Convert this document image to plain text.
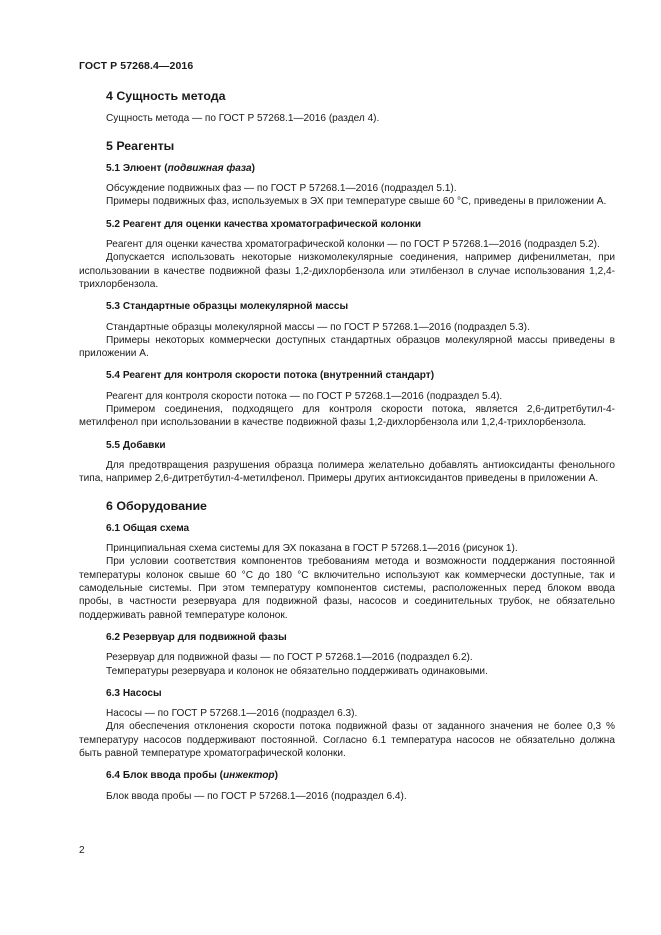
ГОСТ Р 57268.4—2016
4 Сущность метода

Сущность метода — по ГОСТ Р 57268.1—2016 (раздел 4).

5 Реагенты
5.1 Элюент (подвижная фаза)

Обсуждение подвижных фаз — по ГОСТ Р 57268.1—2016 (подраздел 5.1).

Примеры подвижных фаз, используемых в ЭХ при температуре свыше 60 °С, приведены в приложении А.

5.2 Реагент для оценки качества хроматографической колонки

Реагент для оценки качества хроматографической колонки — по ГОСТ Р 57268.1—2016 (подраздел 5.2).

Допускается использовать некоторые низкомолекулярные соединения, например дифенилметан, при использовании в качестве подвижной фазы 1,2-дихлорбензола или этилбензол в случае использования 1,2,4-трихлорбензола.

5.3 Стандартные образцы молекулярной массы

Стандартные образцы молекулярной массы — по ГОСТ Р 57268.1—2016 (подраздел 5.3).

Примеры некоторых коммерчески доступных стандартных образцов молекулярной массы приведены в приложении А.

5.4 Реагент для контроля скорости потока (внутренний стандарт)

Реагент для контроля скорости потока — по ГОСТ Р 57268.1—2016 (подраздел 5.4).

Примером соединения, подходящего для контроля скорости потока, является 2,6-дитретбутил-4-метилфенол при использовании в качестве подвижной фазы 1,2-дихлорбензола или 1,2,4-трихлорбензола.

5.5 Добавки

Для предотвращения разрушения образца полимера желательно добавлять антиоксиданты фенольного типа, например 2,6-дитретбутил-4-метилфенол. Примеры других антиоксидантов приведены в приложении А.

6 Оборудование
6.1 Общая схема

Принципиальная схема системы для ЭХ показана в ГОСТ Р 57268.1—2016 (рисунок 1).

При условии соответствия компонентов требованиям метода и возможности поддержания постоянной температуры колонок свыше 60 °С до 180 °С включительно используют как коммерчески доступные, так и самодельные системы. При этом температуру компонентов системы, расположенных перед блоком ввода пробы, в частности резервуара для подвижной фазы, насосов и соединительных трубок, не обязательно поддерживать равной температуре колонок.

6.2 Резервуар для подвижной фазы

Резервуар для подвижной фазы — по ГОСТ Р 57268.1—2016 (подраздел 6.2).

Температуры резервуара и колонок не обязательно поддерживать одинаковыми.

6.3 Насосы

Насосы — по ГОСТ Р 57268.1—2016 (подраздел 6.3).

Для обеспечения отклонения скорости потока подвижной фазы от заданного значения не более 0,3 % температуру насосов поддерживают постоянной. Согласно 6.1 температура насосов не обязательно должна быть равной температуре хроматографической колонки.

6.4 Блок ввода пробы (инжектор)

Блок ввода пробы — по ГОСТ Р 57268.1—2016 (подраздел 6.4).

2
